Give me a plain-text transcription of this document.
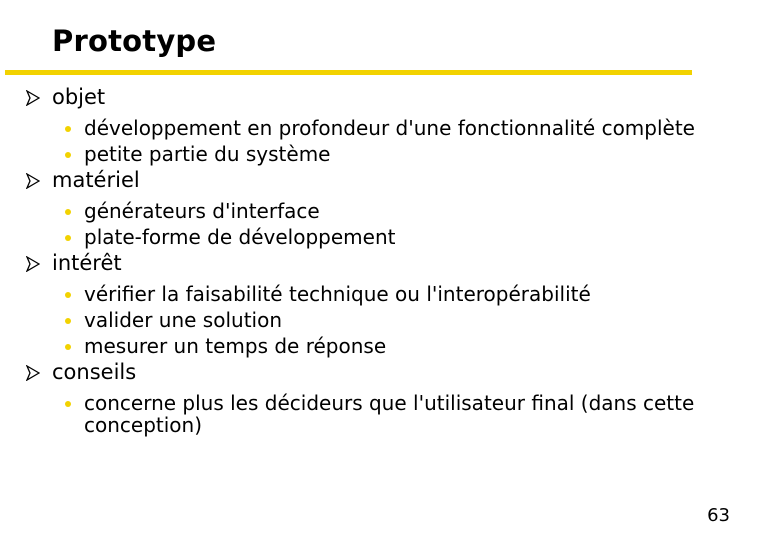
Prototype
objet
développement en profondeur d'une fonctionnalité complète
petite partie du système
matériel
générateurs d'interface
plate-forme de développement
intérêt
vérifier la faisabilité technique ou l'interopérabilité
valider une solution
mesurer un temps de réponse
conseils
concerne plus les décideurs que l'utilisateur final (dans cette conception)
63
